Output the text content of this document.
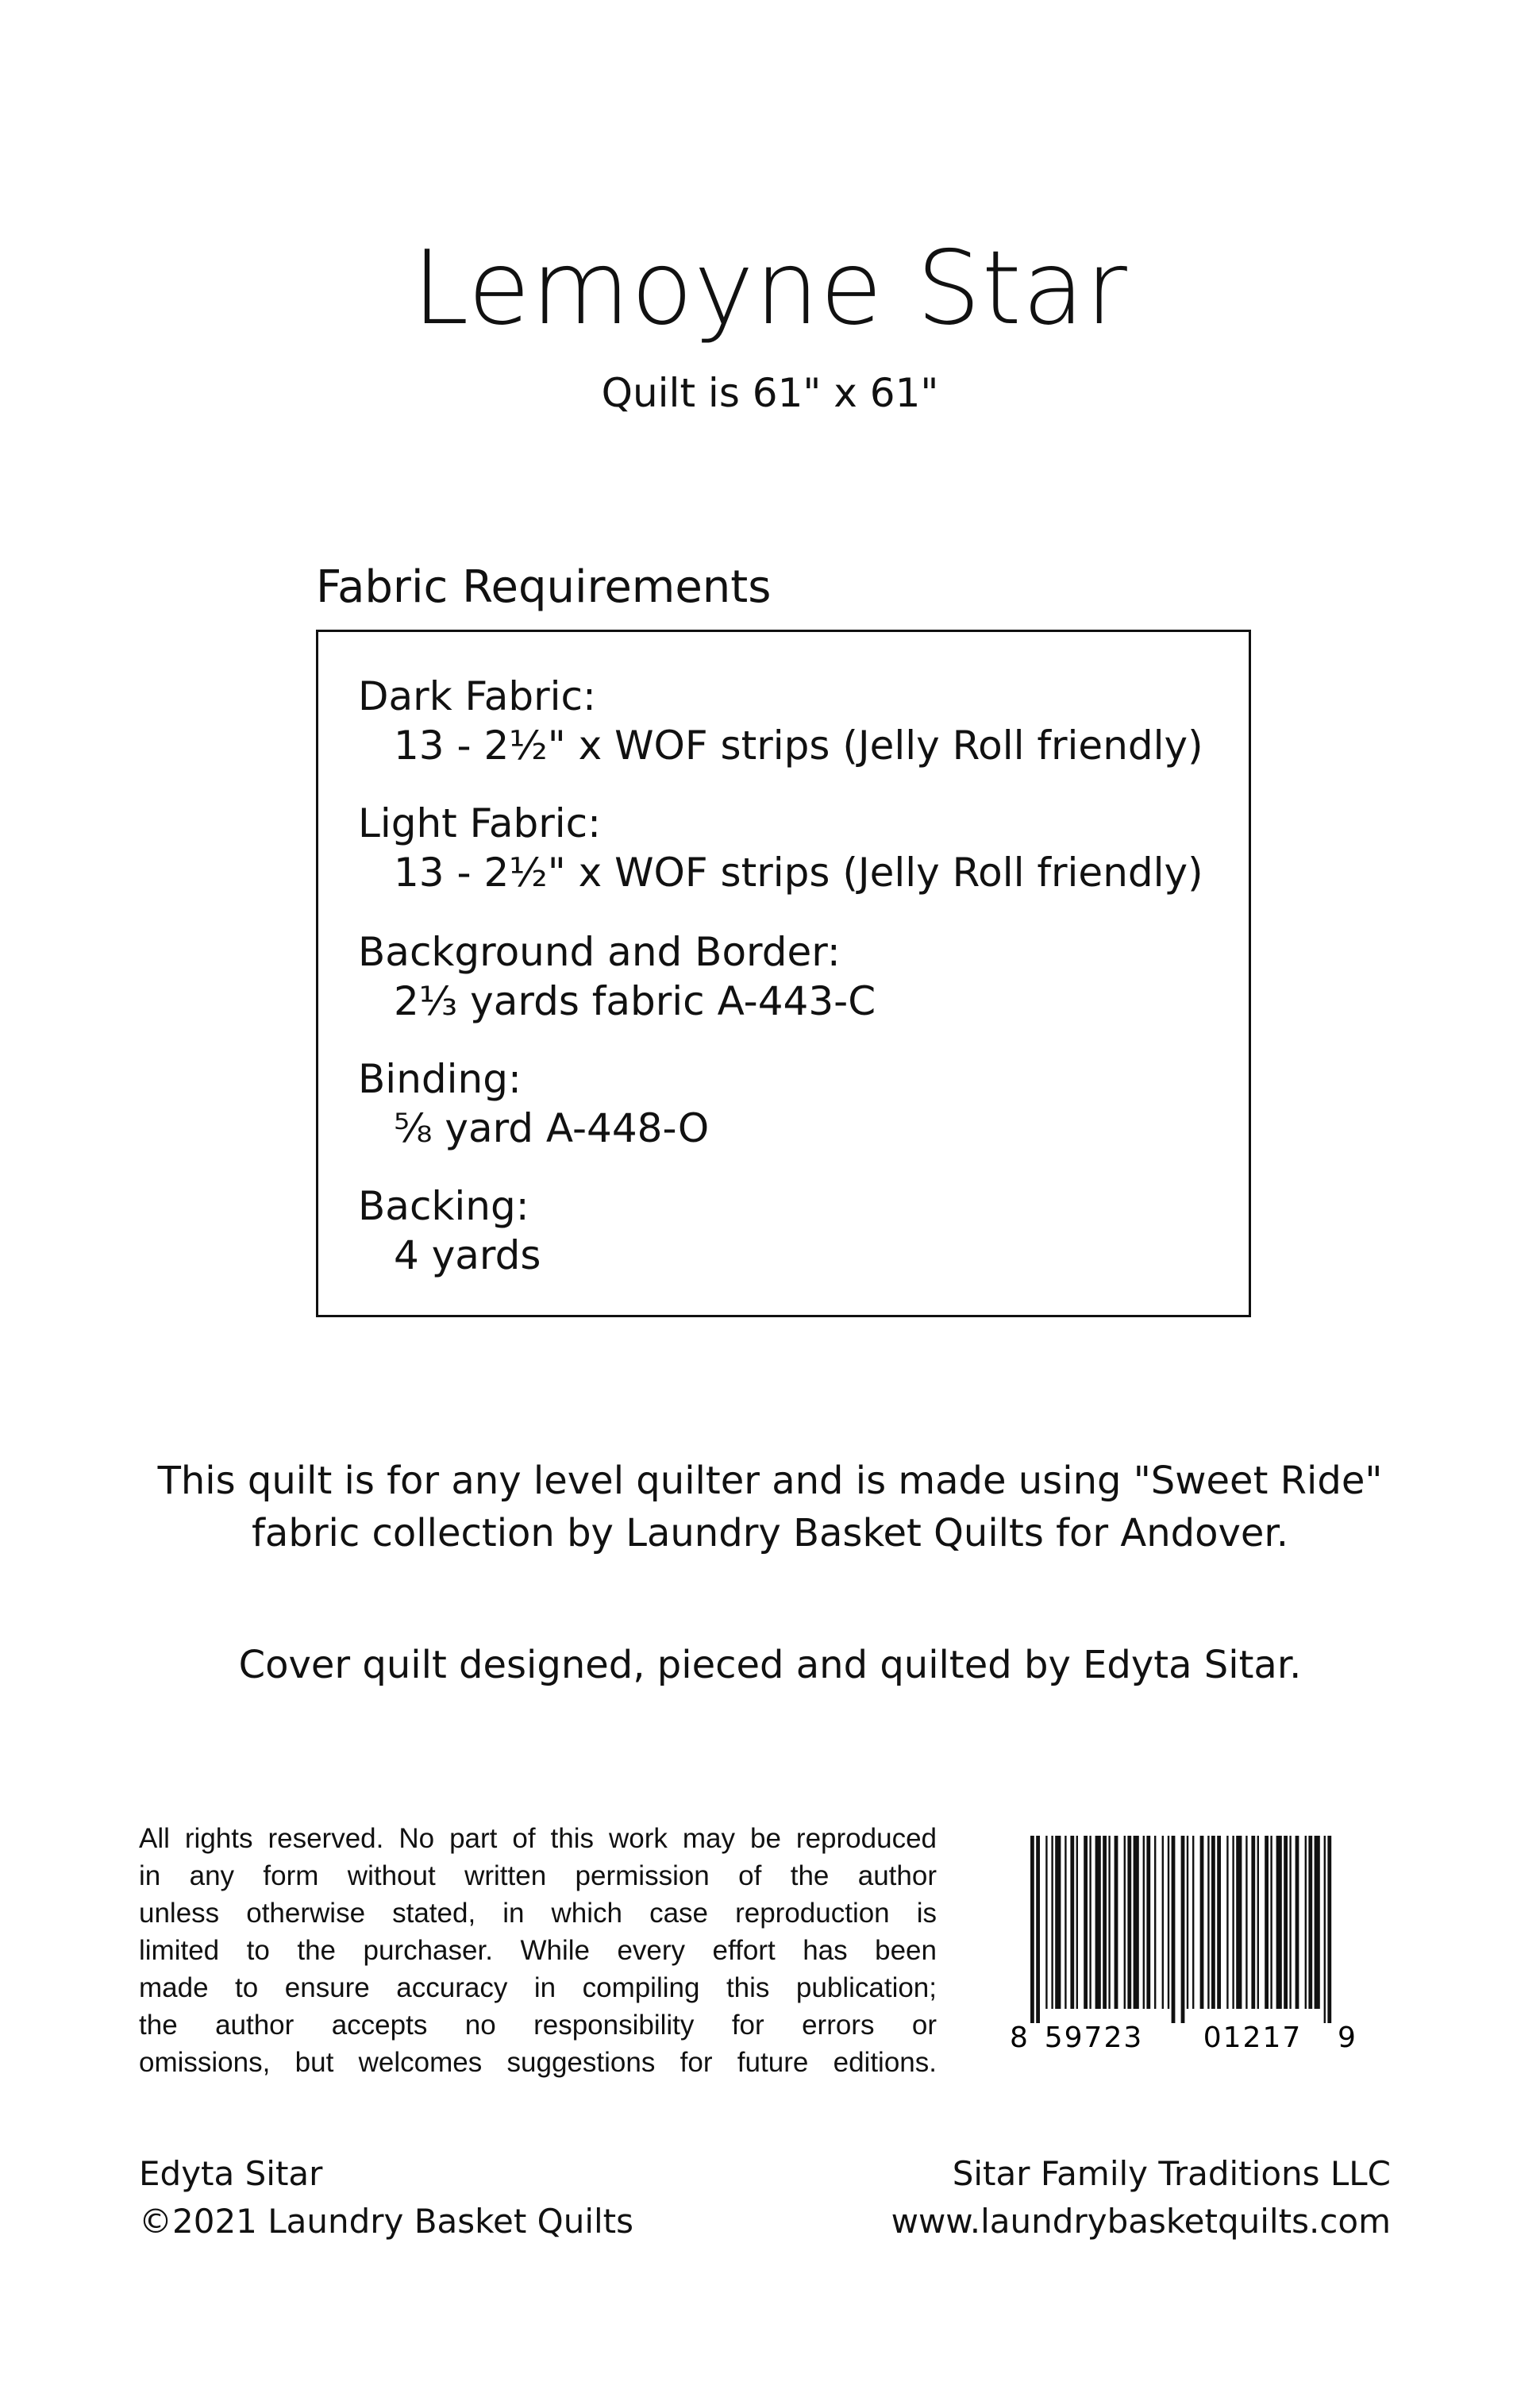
Lemoyne Star
Quilt is 61" x 61"
Fabric Requirements
Dark Fabric:
13 - 2½" x WOF strips (Jelly Roll friendly)
Light Fabric:
13 - 2½" x WOF strips (Jelly Roll friendly)
Background and Border:
2⅓ yards fabric A-443-C
Binding:
⅝ yard A-448-O
Backing:
4 yards
This quilt is for any level quilter and is made using "Sweet Ride"
fabric collection by Laundry Basket Quilts for Andover.
Cover quilt designed, pieced and quilted by Edyta Sitar.
All rights reserved. No part of this work may be reproduced
in any form without written permission of the author
unless otherwise stated, in which case reproduction is
limited to the purchaser. While every effort has been
made to ensure accuracy in compiling this publication;
the author accepts no responsibility for errors or
omissions, but welcomes suggestions for future editions.
8 59723 01217 9
Edyta Sitar
©2021 Laundry Basket Quilts
Sitar Family Traditions LLC
www.laundrybasketquilts.com
